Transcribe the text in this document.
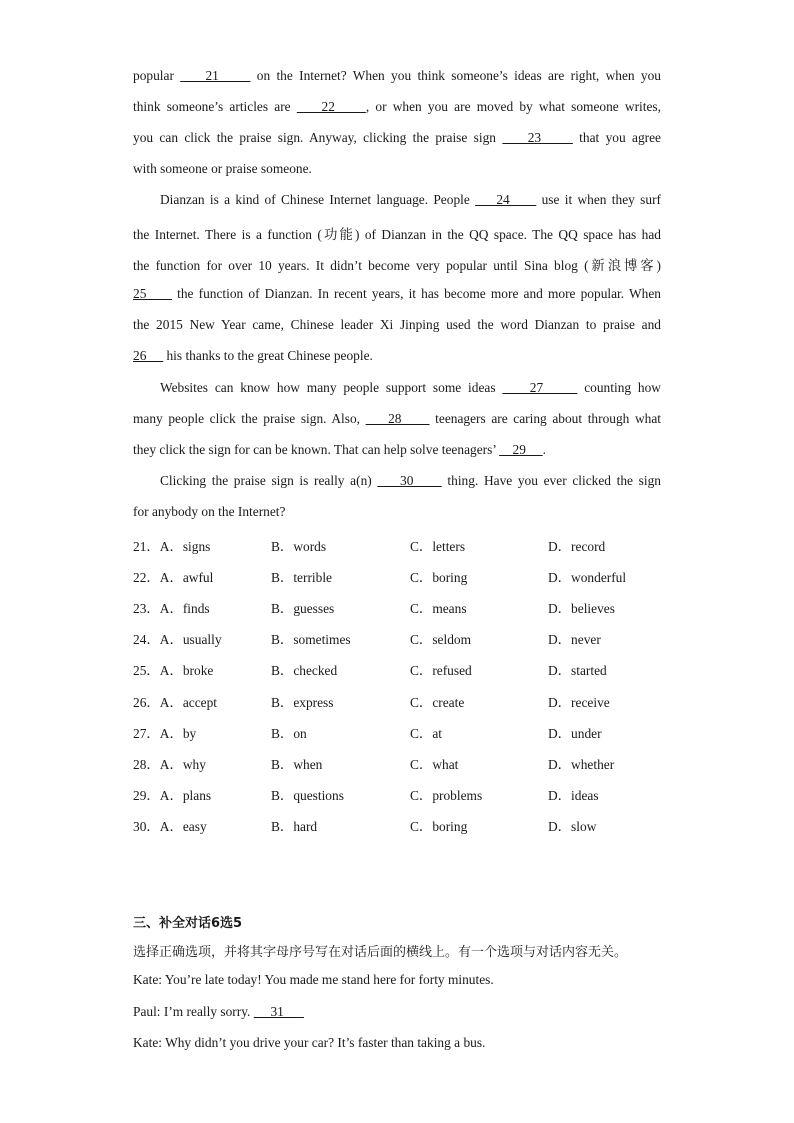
popular     21      on the Internet? When you think someone’s ideas are right, when you
think someone’s articles are     22     , or when you are moved by what someone writes,
you can click the praise sign. Anyway, clicking the praise sign     23      that you agree
with someone or praise someone.
Dianzan is a kind of Chinese Internet language. People     24      use it when they surf
the Internet. There is a function (功能) of Dianzan in the QQ space. The QQ space has had
the function for over 10 years. It didn’t become very popular until Sina blog (新浪博客)
25      the function of Dianzan. In recent years, it has become more and more popular. When
the 2015 New Year came, Chinese leader Xi Jinping used the word Dianzan to praise and
26      his thanks to the great Chinese people.
Websites can know how many people support some ideas     27      counting how
many people click the praise sign. Also,     28      teenagers are caring about through what
they click the sign for can be known. That can help solve teenagers’     29     .
Clicking the praise sign is really a(n)     30      thing. Have you ever clicked the sign
for anybody on the Internet?
21．A．signs	B．words	C．letters	D．record
22．A．awful	B．terrible	C．boring	D．wonderful
23．A．finds	B．guesses	C．means	D．believes
24．A．usually	B．sometimes	C．seldom	D．never
25．A．broke	B．checked	C．refused	D．started
26．A．accept	B．express	C．create	D．receive
27．A．by	B．on	C．at	D．under
28．A．why	B．when	C．what	D．whether
29．A．plans	B．questions	C．problems	D．ideas
30．A．easy	B．hard	C．boring	D．slow
三、补全对话6选5
选择正确选项，并将其字母序号写在对话后面的横线上。有一个选项与对话内容无关。
Kate: You’re late today! You made me stand here for forty minutes.
Paul: I’m really sorry.      31
Kate: Why didn’t you drive your car? It’s faster than taking a bus.
